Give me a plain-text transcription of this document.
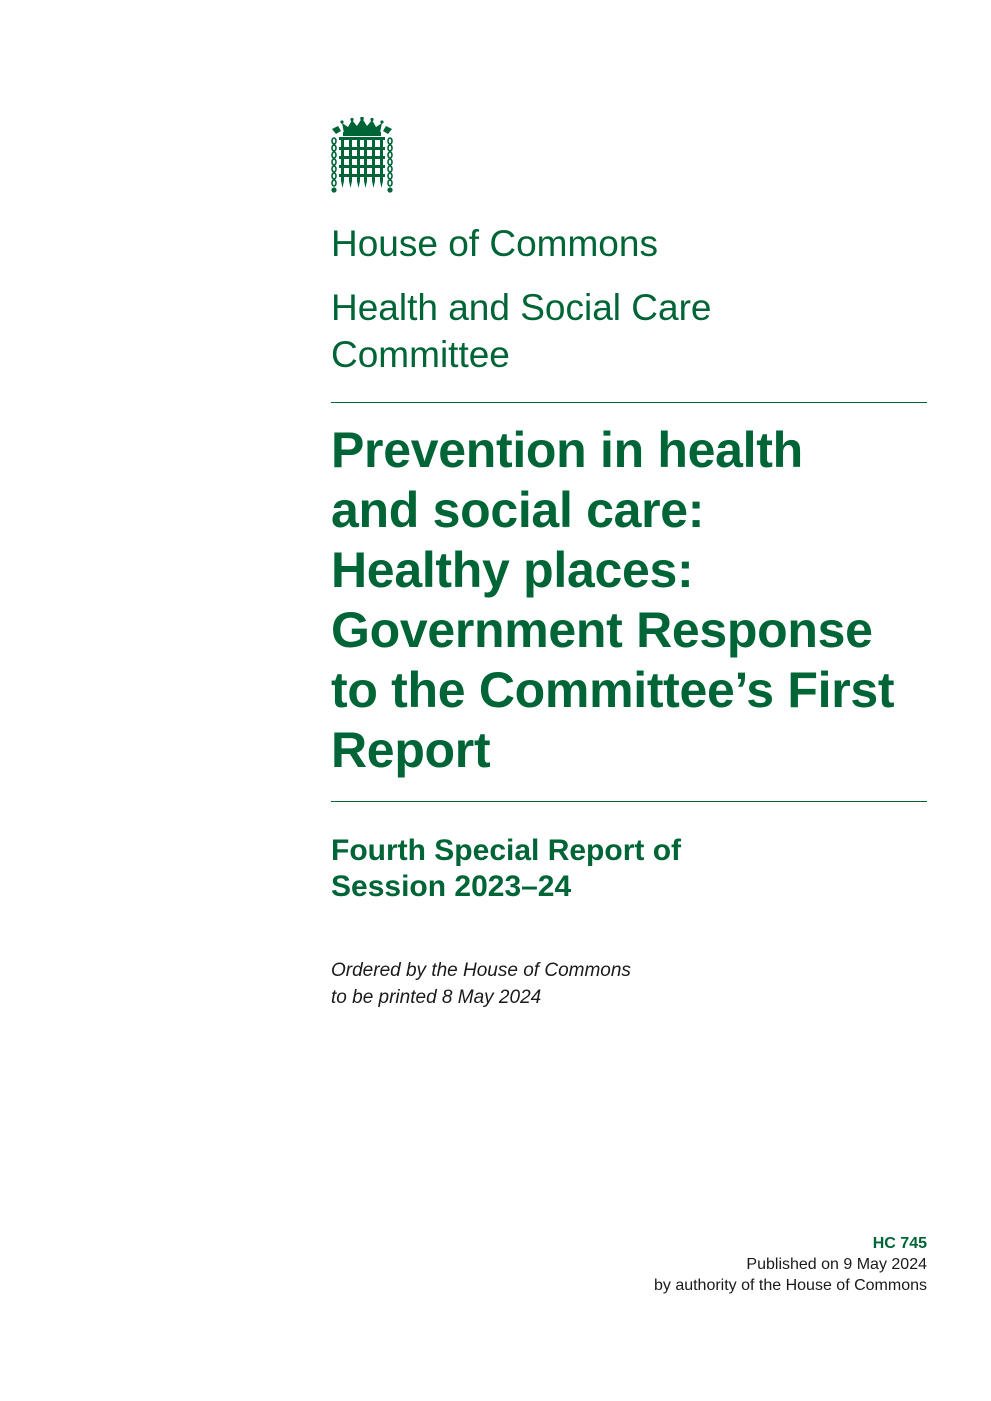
House of Commons
Health and Social Care
Committee
Prevention in health
and social care:
Healthy places:
Government Response
to the Committee’s First
Report
Fourth Special Report of
Session 2023–24
Ordered by the House of Commons
to be printed 8 May 2024
HC 745
Published on 9 May 2024
by authority of the House of Commons
